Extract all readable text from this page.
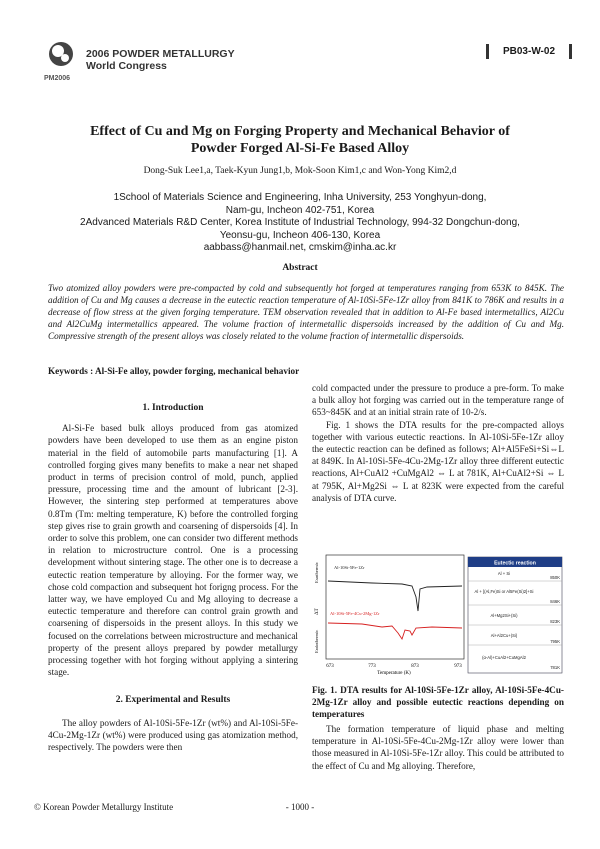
PM2006
2006 POWDER METALLURGY
World Congress
PB03-W-02
Effect of Cu and Mg on Forging Property and Mechanical Behavior of
Powder Forged Al-Si-Fe Based Alloy
Dong-Suk Lee1,a, Taek-Kyun Jung1,b, Mok-Soon Kim1,c and Won-Yong Kim2,d

1School of Materials Science and Engineering, Inha University, 253 Yonghyun-dong,

Nam-gu, Incheon 402-751, Korea

2Advanced Materials R&D Center, Korea Institute of Industrial Technology, 994-32 Dongchun-dong,

Yeonsu-gu, Incheon 406-130, Korea

aabbass@hanmail.net, cmskim@inha.ac.kr

Abstract
Two atomized alloy powders were pre-compacted by cold and subsequently hot forged at temperatures ranging from 653K to 845K. The addition of Cu and Mg causes a decrease in the eutectic reaction temperature of Al-10Si-5Fe-1Zr alloy from 841K to 786K and results in a decrease of flow stress at the given forging temperature. TEM observation revealed that in addition to Al-Fe based intermetallics, Al2Cu and Al2CuMg intermetallics appeared. The volume fraction of intermetallic dispersoids increased by the addition of Cu and Mg. Compressive strength of the present alloys was closely related to the volume fraction of intermetallic dispersoids.
Keywords : Al-Si-Fe alloy, powder forging, mechanical behavior
1. Introduction

Al-Si-Fe based bulk alloys produced from gas atomized powders have been developed to use them as an engine piston material in the field of automobile parts manufacturing [1]. A controlled forging gives many benefits to make a near net shaped product in terms of precision control of mold, punch, applied pressure, processing time and the amount of lubricant [2-3]. However, the sintering step performed at temperatures above 0.8Tm (Tm: melting temperature, K) before the controlled forging step gives rise to grain growth and coarsening of dispersoids [4]. In order to solve this problem, one can consider two different methods in relation to microstructure control. One is a processing development without sintering stage. The other one is to decrease a eutectic reation temperature by alloying. For the former way, we chose cold compaction and subsequent hot forigng process. For the latter way, we have employed Cu and Mg alloying to decrease a eutectic temperature and therefore can control grain growth and coarsening of dispersoids in the present alloys. In this study we focused on the correlations between microstructure and mechanical property of the present alloys prepared by powder metallurgy processing together with hot forging without applying a sintering stage.

2. Experimental and Results

The alloy powders of Al-10Si-5Fe-1Zr (wt%) and Al-10Si-5Fe-4Cu-2Mg-1Zr (wt%) were produced using gas atomization method, respectively. The powders were then

cold compacted under the pressure to produce a pre-form. To make a bulk alloy hot forging was carried out in the temperature range of 653~845K and at an initial strain rate of 10-2/s.

Fig. 1 shows the DTA results for the pre-compacted alloys together with various eutectic reactions. In Al-10Si-5Fe-1Zr alloy the eutectic reaction can be defined as follows; Al+Al5FeSi+Si⇔L at 849K. In Al-10Si-5Fe-4Cu-2Mg-1Zr alloy three different eutectic reactions, Al+CuAl2 +CuMgAl2 ⇔ L at 781K, Al+CuAl2+Si ⇔ L at 795K, Al+Mg2Si ⇔ L at 823K were expected from the careful analysis of DTA curve.

Exothermic
ΔT
Endothermic
Al-10Si-5Fe-1Zr
Al-10Si-5Fe-4Cu-2Mg-1Zr
673	773	873	973
Temperature (K)
Eutectic reaction
Al + Si
850K
Al + [(Al,Fe)Si or Al5Fe(Si)2]+Si
846K
Al+Mg2Si+(Si)
823K
Al+Al2Cu+(Si)
795K
(α-Al)+CuAl2+CuMgAl2
781K
Fig. 1. DTA results for Al-10Si-5Fe-1Zr alloy, Al-10Si-5Fe-4Cu-2Mg-1Zr alloy and possible eutectic reactions depending on temperatures

The formation temperature of liquid phase and melting temperature in Al-10Si-5Fe-4Cu-2Mg-1Zr alloy were lower than those measured in Al-10Si-5Fe-1Zr alloy. This could be attributed to the effect of Cu and Mg alloying. Therefore,

© Korean Powder Metallurgy Institute	- 1000 -
